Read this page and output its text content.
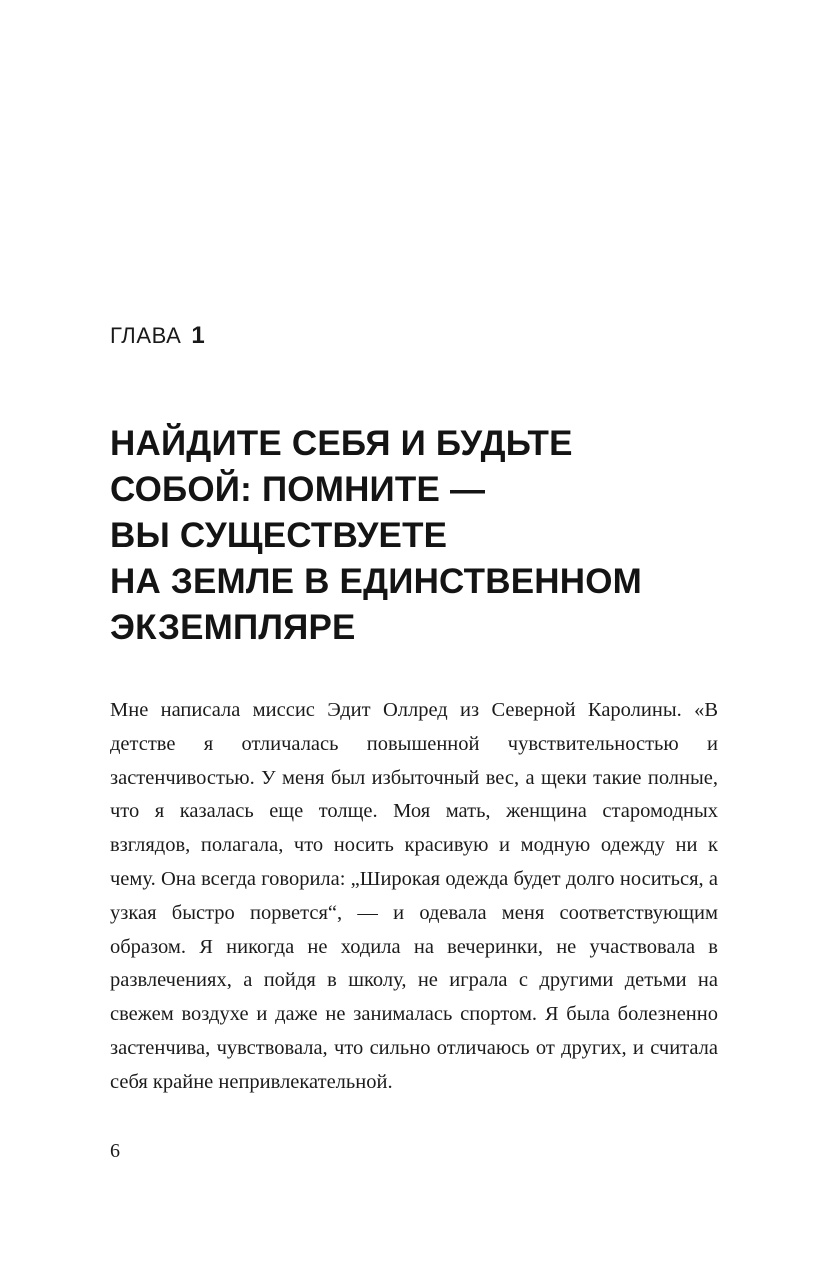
ГЛАВА 1
НАЙДИТЕ СЕБЯ И БУДЬТЕ
СОБОЙ: ПОМНИТЕ —
ВЫ СУЩЕСТВУЕТЕ
НА ЗЕМЛЕ В ЕДИНСТВЕННОМ
ЭКЗЕМПЛЯРЕ

Мне написала миссис Эдит Оллред из Северной Каролины. «В детстве я отличалась повышенной чувствительностью и застенчивостью. У меня был избыточный вес, а щеки такие полные, что я казалась еще толще. Моя мать, женщина старомодных взглядов, полагала, что носить красивую и модную одежду ни к чему. Она всегда говорила: „Широкая одежда будет долго носиться, а узкая быстро порвется“, — и одевала меня соответствующим образом. Я никогда не ходила на вечеринки, не участвовала в развлечениях, а пойдя в школу, не играла с другими детьми на свежем воздухе и даже не занималась спортом. Я была болезненно застенчива, чувствовала, что сильно отличаюсь от других, и считала себя крайне непривлекательной.

6
